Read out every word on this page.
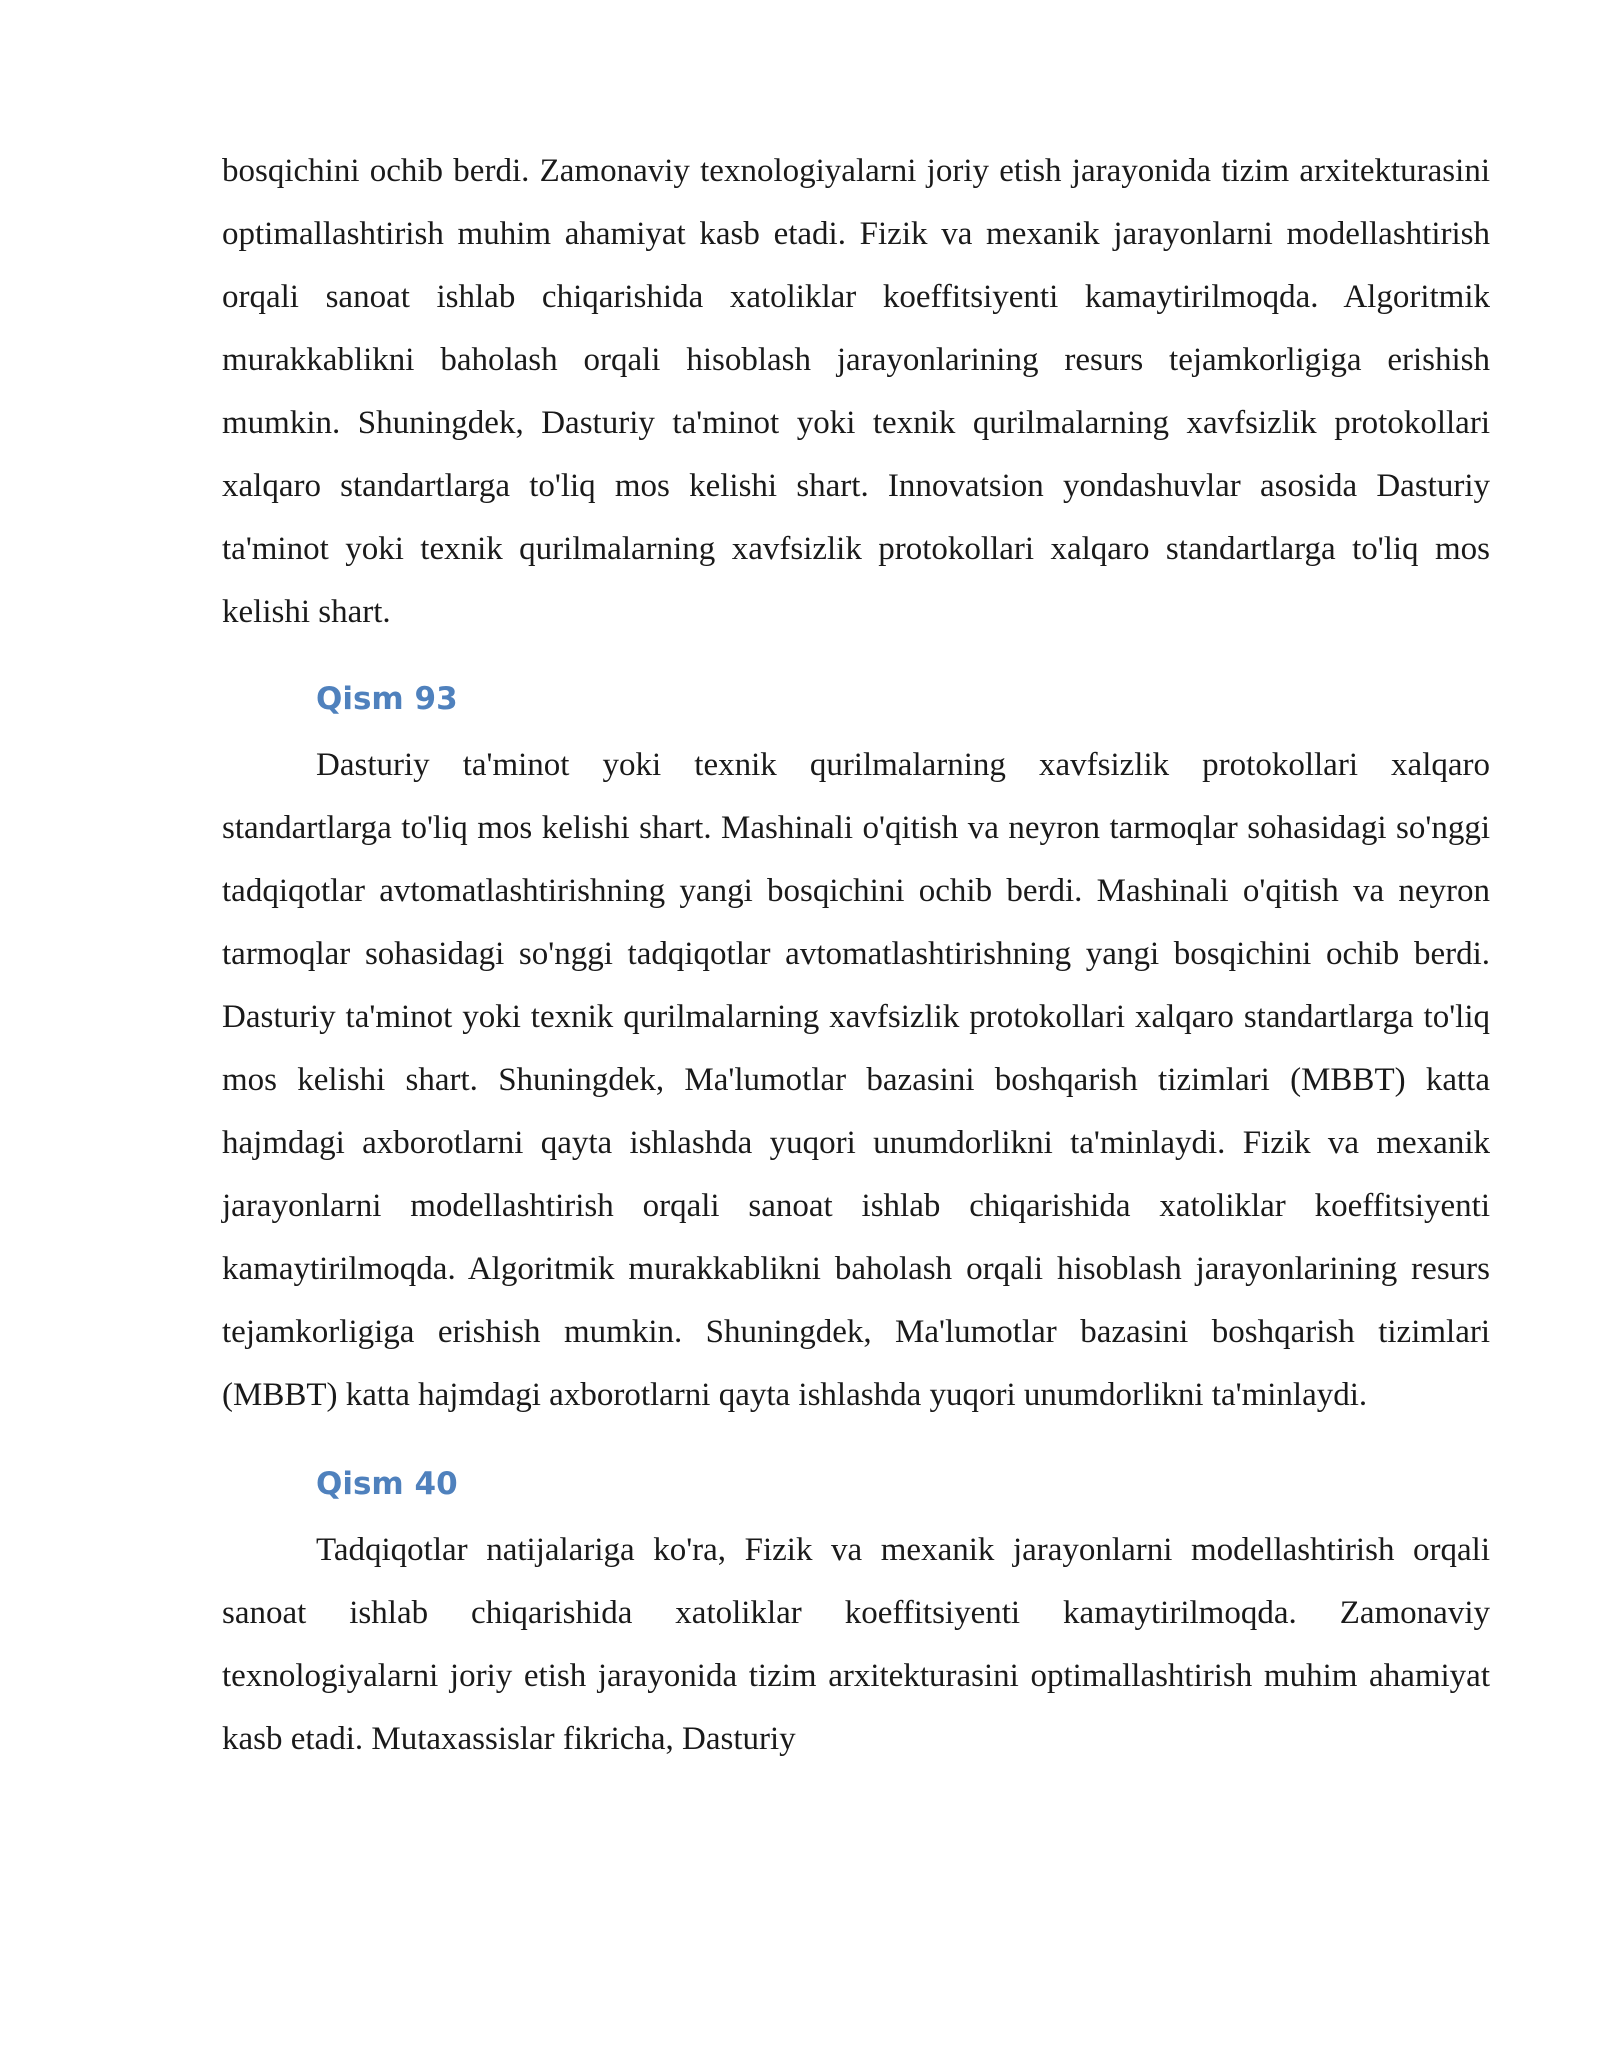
bosqichini ochib berdi. Zamonaviy texnologiyalarni joriy etish jarayonida tizim arxitekturasini optimallashtirish muhim ahamiyat kasb etadi. Fizik va mexanik jarayonlarni modellashtirish orqali sanoat ishlab chiqarishida xatoliklar koeffitsiyenti kamaytirilmoqda. Algoritmik murakkablikni baholash orqali hisoblash jarayonlarining resurs tejamkorligiga erishish mumkin. Shuningdek, Dasturiy ta'minot yoki texnik qurilmalarning xavfsizlik protokollari xalqaro standartlarga to'liq mos kelishi shart. Innovatsion yondashuvlar asosida Dasturiy ta'minot yoki texnik qurilmalarning xavfsizlik protokollari xalqaro standartlarga to'liq mos kelishi shart.

Qism 93

Dasturiy ta'minot yoki texnik qurilmalarning xavfsizlik protokollari xalqaro standartlarga to'liq mos kelishi shart. Mashinali o'qitish va neyron tarmoqlar sohasidagi so'nggi tadqiqotlar avtomatlashtirishning yangi bosqichini ochib berdi. Mashinali o'qitish va neyron tarmoqlar sohasidagi so'nggi tadqiqotlar avtomatlashtirishning yangi bosqichini ochib berdi. Dasturiy ta'minot yoki texnik qurilmalarning xavfsizlik protokollari xalqaro standartlarga to'liq mos kelishi shart. Shuningdek, Ma'lumotlar bazasini boshqarish tizimlari (MBBT) katta hajmdagi axborotlarni qayta ishlashda yuqori unumdorlikni ta'minlaydi. Fizik va mexanik jarayonlarni modellashtirish orqali sanoat ishlab chiqarishida xatoliklar koeffitsiyenti kamaytirilmoqda. Algoritmik murakkablikni baholash orqali hisoblash jarayonlarining resurs tejamkorligiga erishish mumkin. Shuningdek, Ma'lumotlar bazasini boshqarish tizimlari (MBBT) katta hajmdagi axborotlarni qayta ishlashda yuqori unumdorlikni ta'minlaydi.

Qism 40

Tadqiqotlar natijalariga ko'ra, Fizik va mexanik jarayonlarni modellashtirish orqali sanoat ishlab chiqarishida xatoliklar koeffitsiyenti kamaytirilmoqda. Zamonaviy texnologiyalarni joriy etish jarayonida tizim arxitekturasini optimallashtirish muhim ahamiyat kasb etadi. Mutaxassislar fikricha, Dasturiy
